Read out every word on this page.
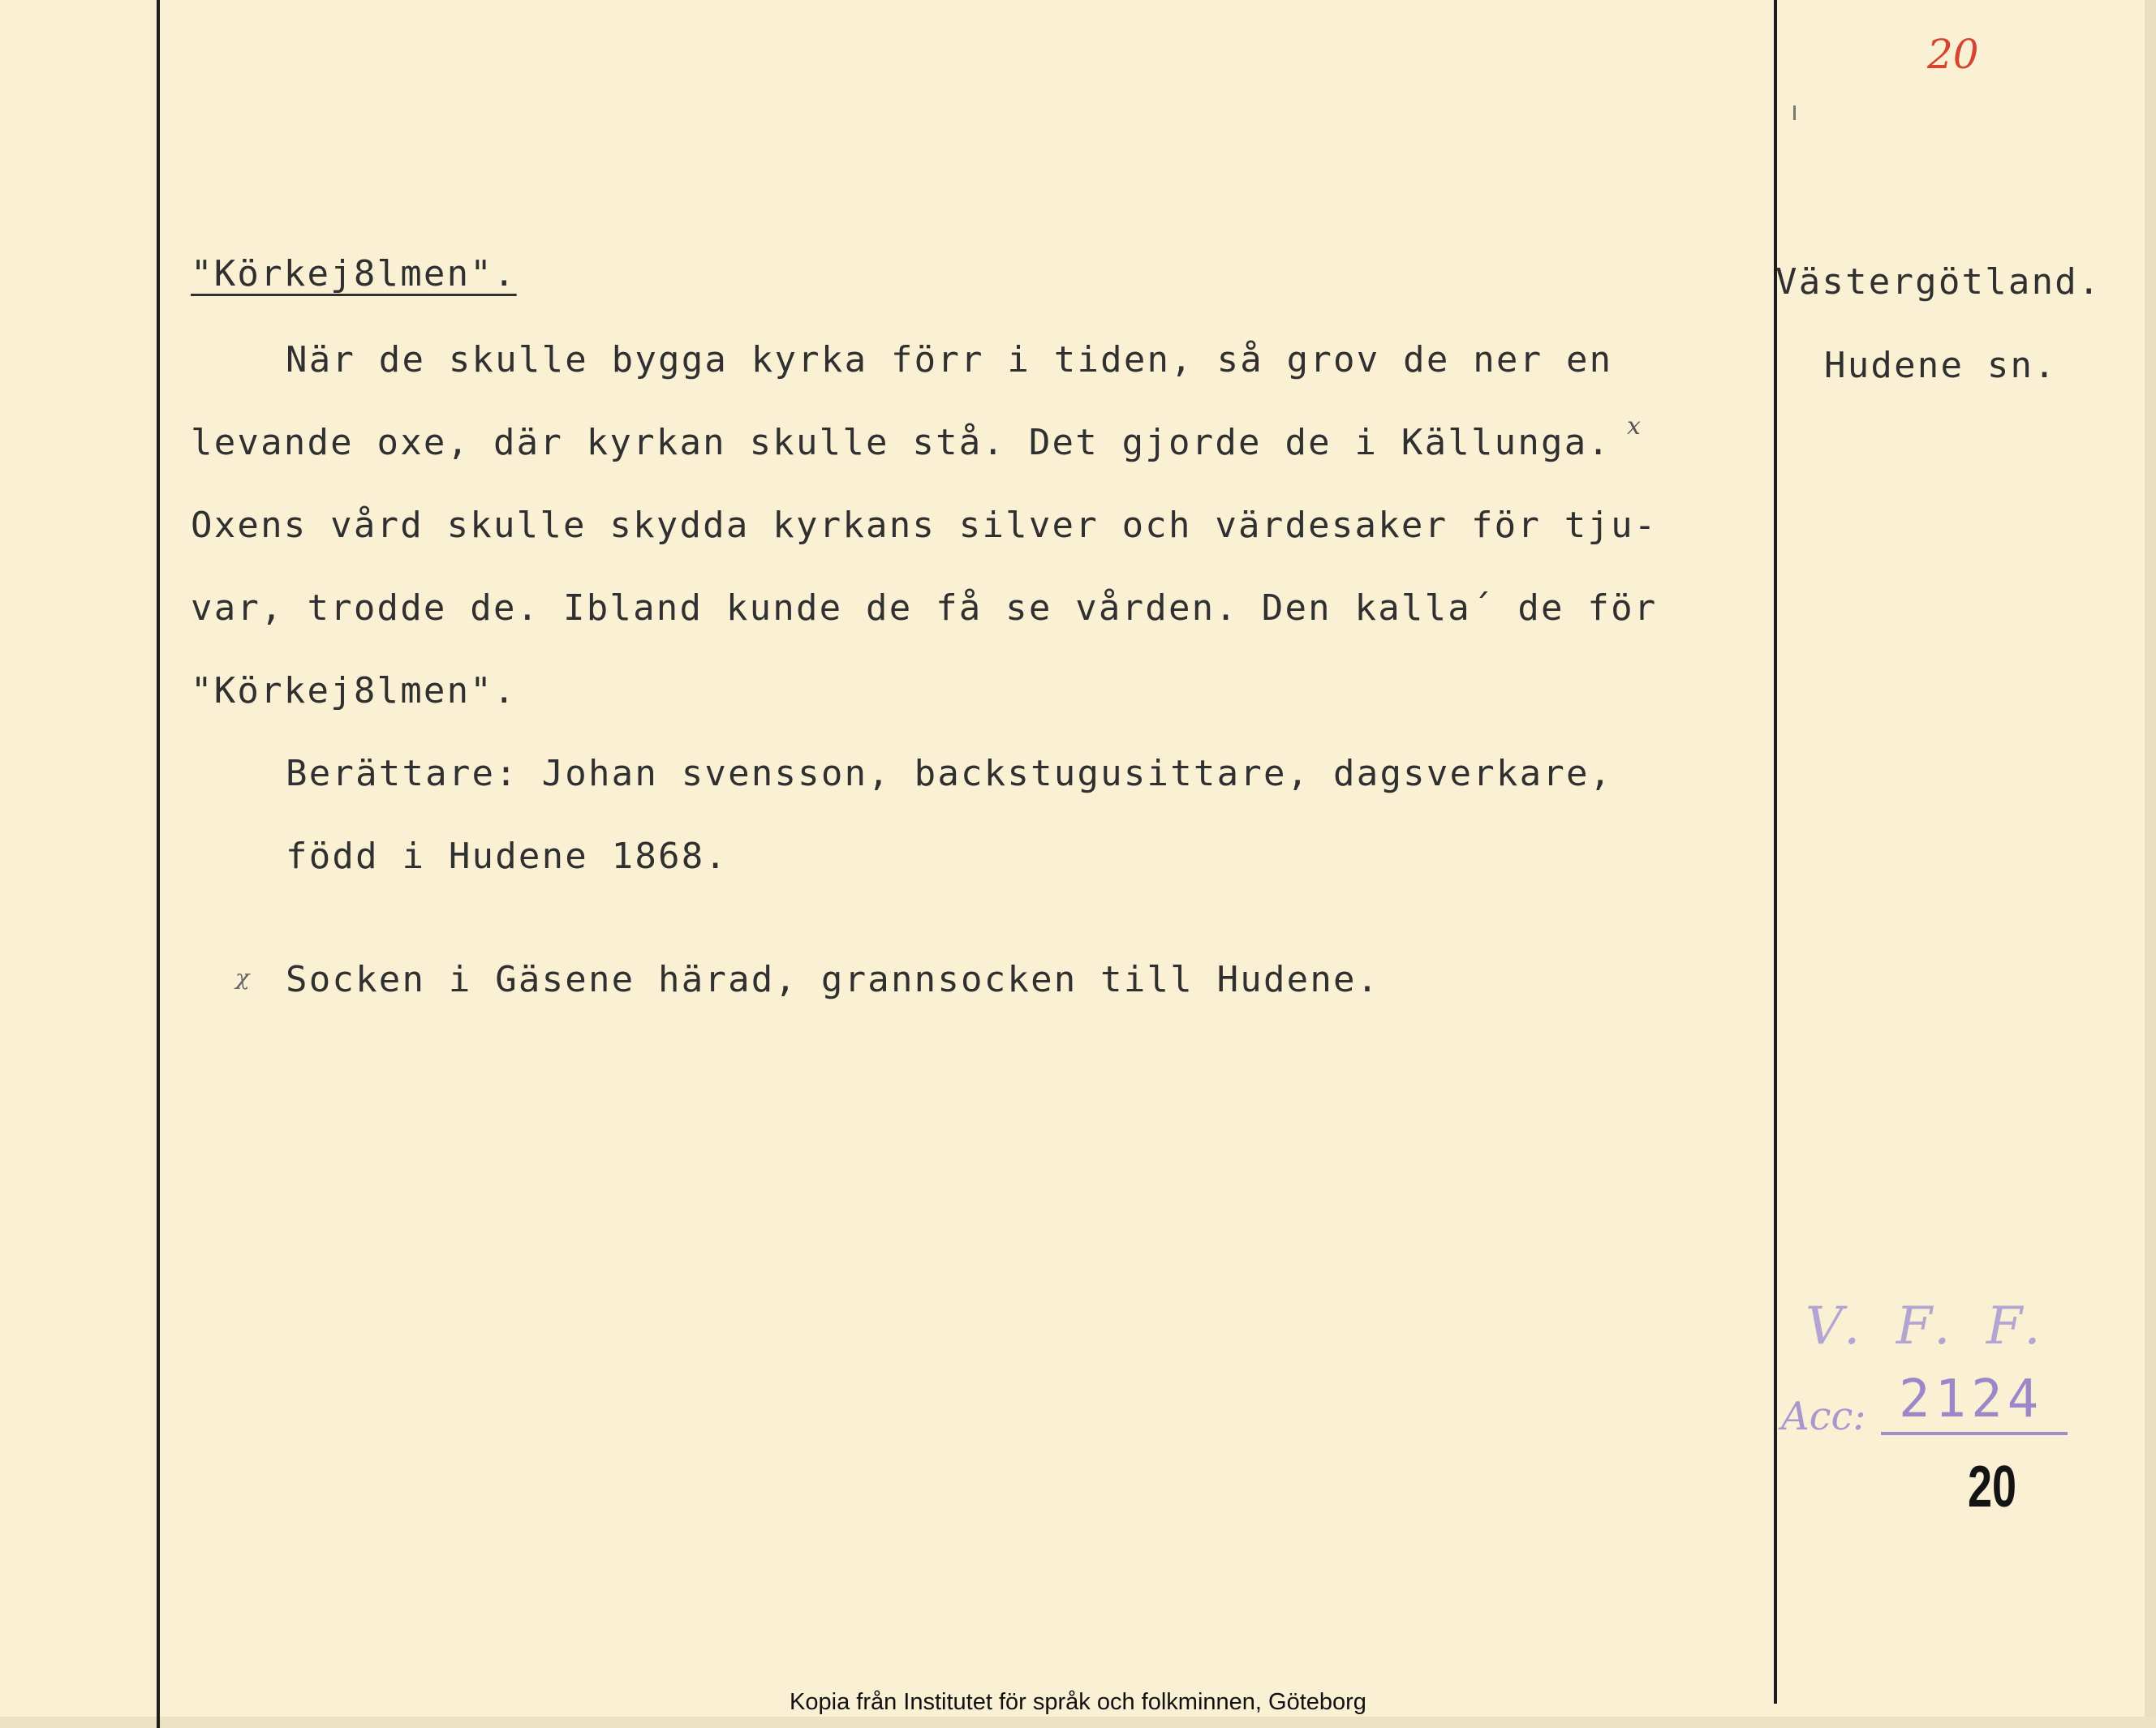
20
"Körkej8lmen".
När de skulle bygga kyrka förr i tiden, så grov de ner en
levande oxe, där kyrkan skulle stå. Det gjorde de i Källunga. x
Oxens vård skulle skydda kyrkans silver och värdesaker för tju-
var, trodde de. Ibland kunde de få se vården. Den kalla´ de för
"Körkej8lmen".
Berättare: Johan svensson, backstugusittare, dagsverkare,
född i Hudene 1868.
ᵡ Socken i Gäsene härad, grannsocken till Hudene.
Västergötland.
Hudene sn.
V. F. F.
Acc: 2124
20
Kopia från Institutet för språk och folkminnen, Göteborg
